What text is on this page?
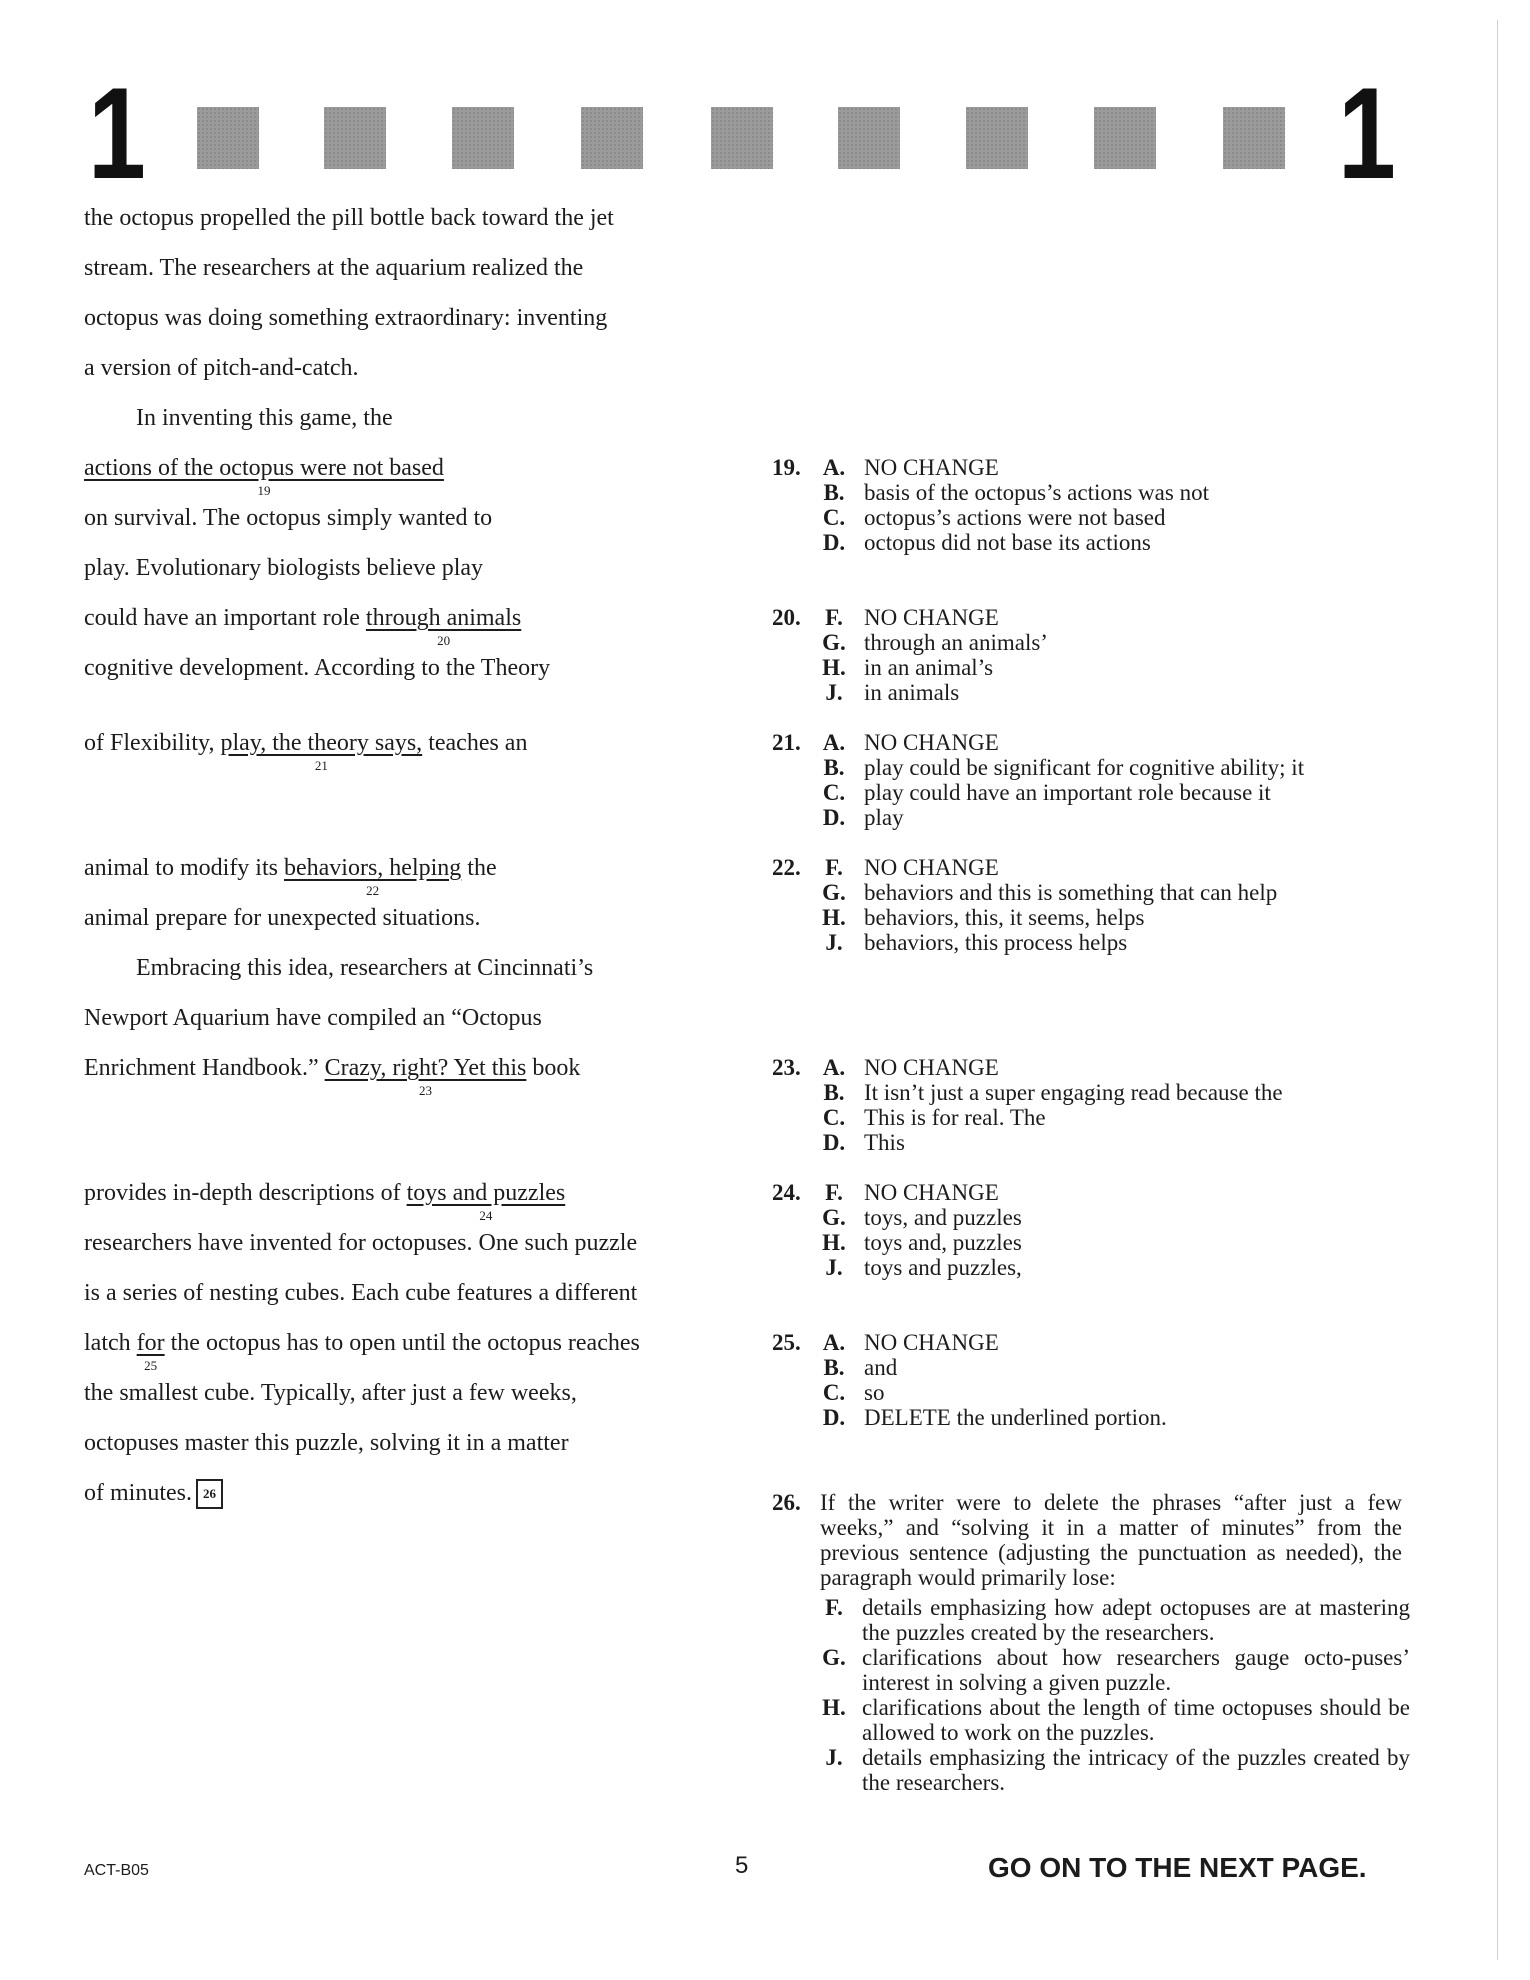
1	1
the octopus propelled the pill bottle back toward the jet
stream. The researchers at the aquarium realized the
octopus was doing something extraordinary: inventing
a version of pitch-and-catch.
In inventing this game, the
actions of the octopus were not based
19
on survival. The octopus simply wanted to
play. Evolutionary biologists believe play
could have an important role through animals
20
cognitive development. According to the Theory
of Flexibility, play, the theory says,
21
teaches an
animal to modify its behaviors, helping
22
the
animal prepare for unexpected situations.
Embracing this idea, researchers at Cincinnati’s
Newport Aquarium have compiled an “Octopus
Enrichment Handbook.” Crazy, right? Yet this
23
book
provides in-depth descriptions of toys and puzzles
24
researchers have invented for octopuses. One such puzzle
is a series of nesting cubes. Each cube features a different
latch for
25
the octopus has to open until the octopus reaches
the smallest cube. Typically, after just a few weeks,
octopuses master this puzzle, solving it in a matter
of minutes. 26
19. A. NO CHANGE
B. basis of the octopus’s actions was not
C. octopus’s actions were not based
D. octopus did not base its actions
20. F. NO CHANGE
G. through an animals’
H. in an animal’s
J. in animals
21. A. NO CHANGE
B. play could be significant for cognitive ability; it
C. play could have an important role because it
D. play
22. F. NO CHANGE
G. behaviors and this is something that can help
H. behaviors, this, it seems, helps
J. behaviors, this process helps
23. A. NO CHANGE
B. It isn’t just a super engaging read because the
C. This is for real. The
D. This
24. F. NO CHANGE
G. toys, and puzzles
H. toys and, puzzles
J. toys and puzzles,
25. A. NO CHANGE
B. and
C. so
D. DELETE the underlined portion.
26. If the writer were to delete the phrases “after just a few weeks,” and “solving it in a matter of minutes” from the previous sentence (adjusting the punctuation as needed), the paragraph would primarily lose:
F. details emphasizing how adept octopuses are at mastering the puzzles created by the researchers.
G. clarifications about how researchers gauge octo-puses’ interest in solving a given puzzle.
H. clarifications about the length of time octopuses should be allowed to work on the puzzles.
J. details emphasizing the intricacy of the puzzles created by the researchers.
ACT-B05	5	GO ON TO THE NEXT PAGE.
